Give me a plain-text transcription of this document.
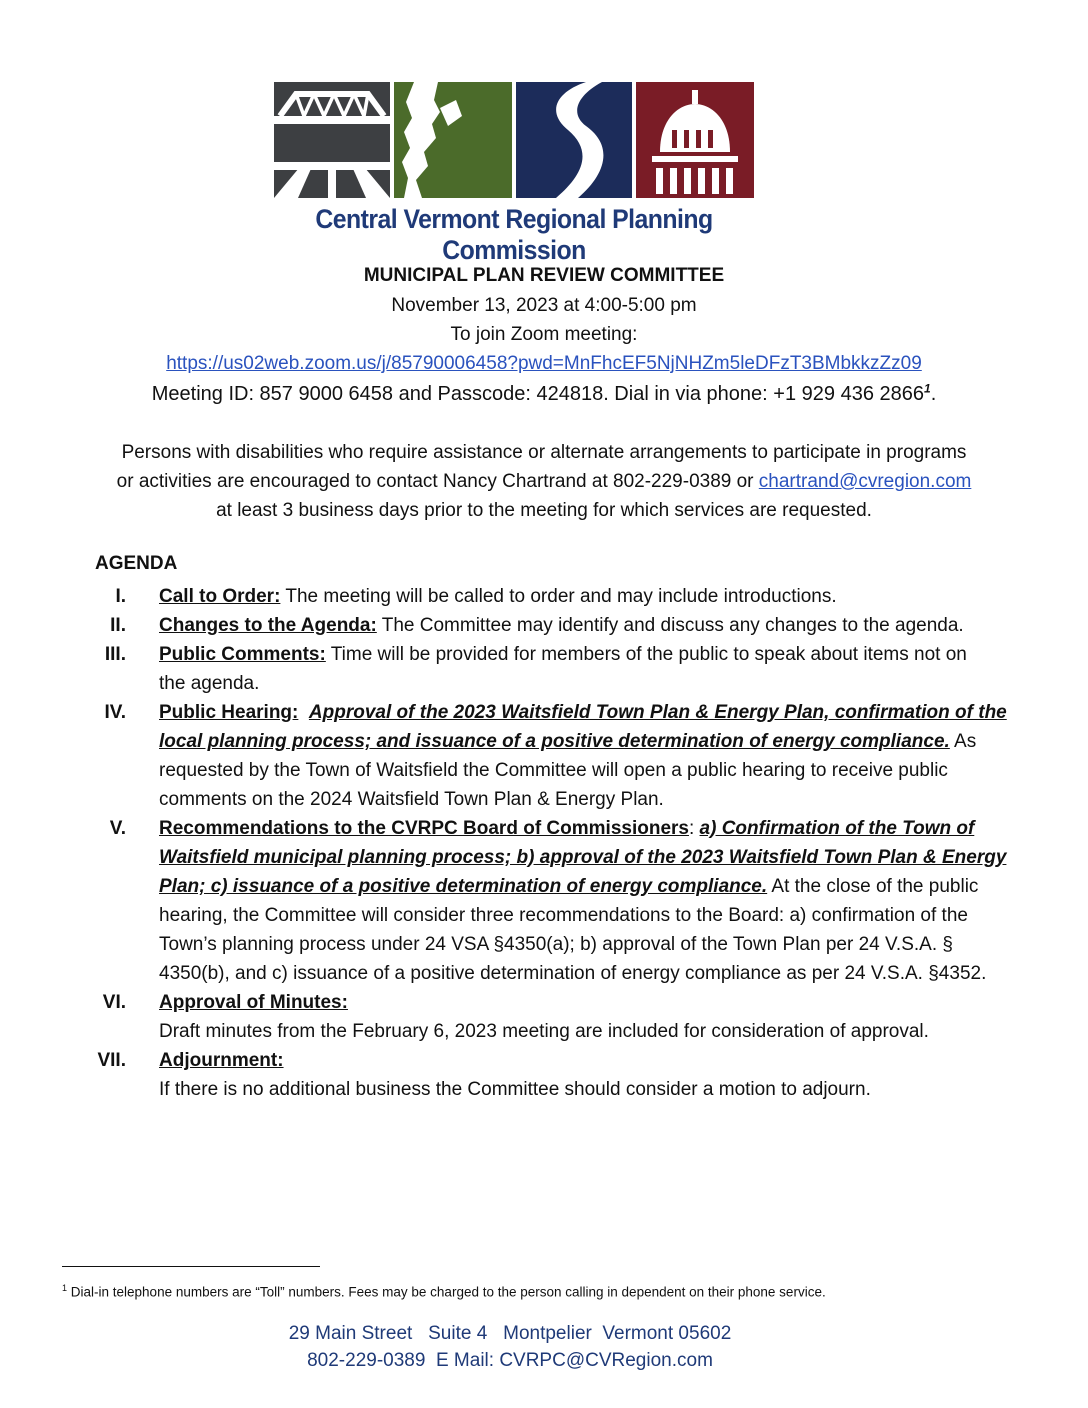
Central Vermont Regional Planning Commission
MUNICIPAL PLAN REVIEW COMMITTEE
November 13, 2023 at 4:00-5:00 pm
To join Zoom meeting:
https://us02web.zoom.us/j/85790006458?pwd=MnFhcEF5NjNHZm5leDFzT3BMbkkzZz09
Meeting ID: 857 9000 6458 and Passcode: 424818. Dial in via phone: +1 929 436 2866$^1$.
Persons with disabilities who require assistance or alternate arrangements to participate in programs
or activities are encouraged to contact Nancy Chartrand at 802-229-0389 or chartrand@cvregion.com
at least 3 business days prior to the meeting for which services are requested.
AGENDA
I. Call to Order: The meeting will be called to order and may include introductions.
II. Changes to the Agenda: The Committee may identify and discuss any changes to the agenda.
III. Public Comments: Time will be provided for members of the public to speak about items not on the agenda.
IV. Public Hearing: Approval of the 2023 Waitsfield Town Plan & Energy Plan, confirmation of the local planning process; and issuance of a positive determination of energy compliance. As requested by the Town of Waitsfield the Committee will open a public hearing to receive public comments on the 2024 Waitsfield Town Plan & Energy Plan.
V. Recommendations to the CVRPC Board of Commissioners: a) Confirmation of the Town of Waitsfield municipal planning process; b) approval of the 2023 Waitsfield Town Plan & Energy Plan; c) issuance of a positive determination of energy compliance. At the close of the public hearing, the Committee will consider three recommendations to the Board: a) confirmation of the Town’s planning process under 24 VSA §4350(a); b) approval of the Town Plan per 24 V.S.A. § 4350(b), and c) issuance of a positive determination of energy compliance as per 24 V.S.A. §4352.
VI. Approval of Minutes:
Draft minutes from the February 6, 2023 meeting are included for consideration of approval.
VII. Adjournment:
If there is no additional business the Committee should consider a motion to adjourn.
$^1$ Dial-in telephone numbers are “Toll” numbers. Fees may be charged to the person calling in dependent on their phone service.
29 Main Street   Suite 4   Montpelier  Vermont 05602
802-229-0389  E Mail: CVRPC@CVRegion.com
